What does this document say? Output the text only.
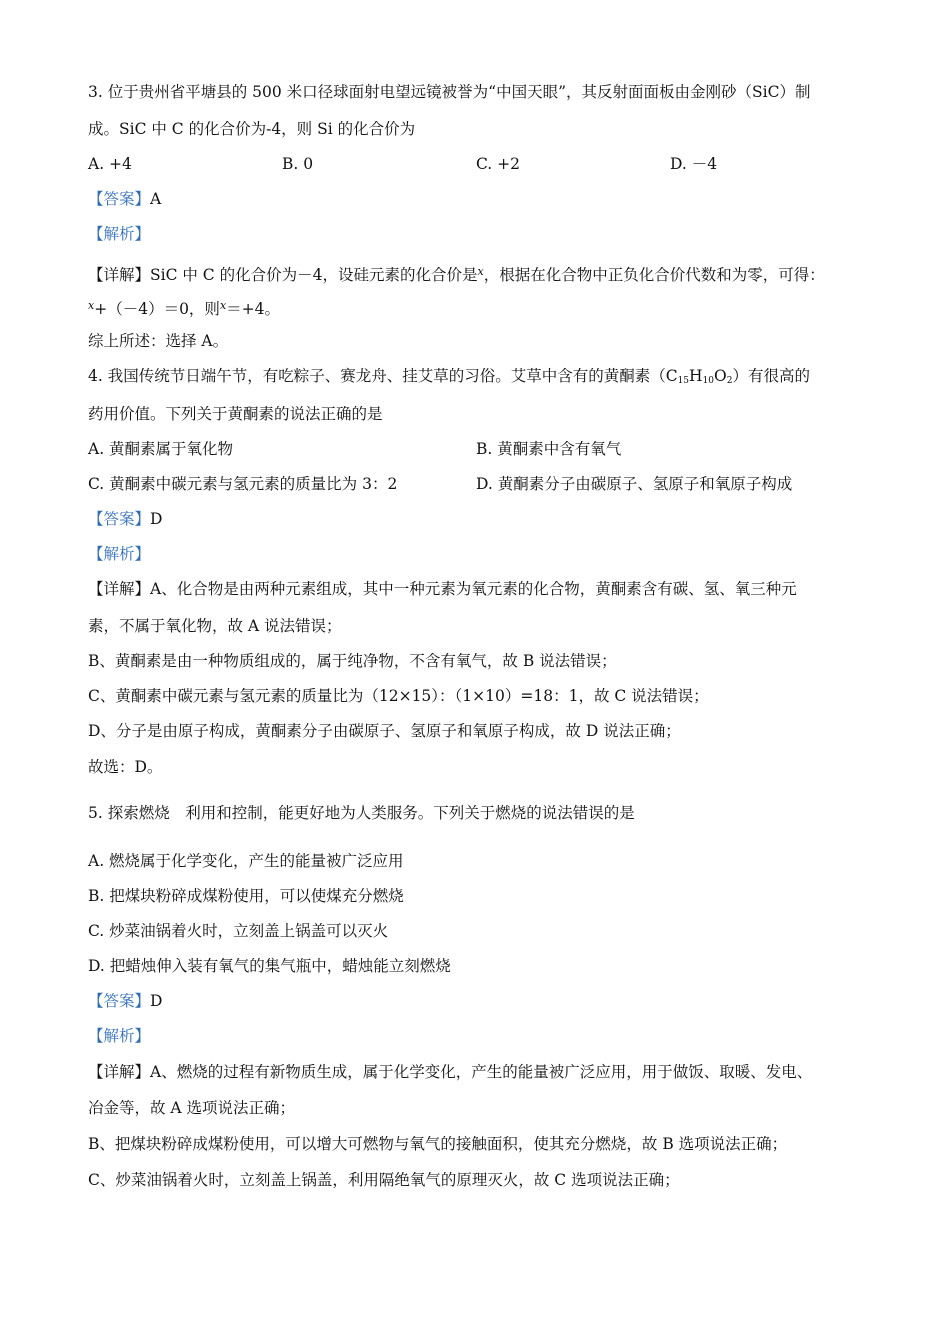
3. 位于贵州省平塘县的 500 米口径球面射电望远镜被誉为“中国天眼”，其反射面面板由金刚砂（SiC）制
成。SiC 中 C 的化合价为-4，则 Si 的化合价为
A. +4	B. 0	C. +2	D. －4
【答案】A
【解析】
【详解】SiC 中 C 的化合价为－4，设硅元素的化合价是$^x$，根据在化合物中正负化合价代数和为零，可得：
$^x$+（－4）＝0，则$^x$＝+4。
综上所述：选择 A。
4. 我国传统节日端午节，有吃粽子、赛龙舟、挂艾草的习俗。艾草中含有的黄酮素$(C_{15}H_{10}O_2)$有很高的
药用价值。下列关于黄酮素的说法正确的是
A. 黄酮素属于氧化物	B. 黄酮素中含有氧气
C. 黄酮素中碳元素与氢元素的质量比为 3：2	D. 黄酮素分子由碳原子、氢原子和氧原子构成
【答案】D
【解析】
【详解】A、化合物是由两种元素组成，其中一种元素为氧元素的化合物，黄酮素含有碳、氢、氧三种元
素，不属于氧化物，故 A 说法错误；
B、黄酮素是由一种物质组成的，属于纯净物，不含有氧气，故 B 说法错误；
C、黄酮素中碳元素与氢元素的质量比为（12×15）：（1×10）=18：1，故 C 说法错误；
D、分子是由原子构成，黄酮素分子由碳原子、氢原子和氧原子构成，故 D 说法正确；
故选：D。
5. 探索燃烧　利用和控制，能更好地为人类服务。下列关于燃烧的说法错误的是
A. 燃烧属于化学变化，产生的能量被广泛应用
B. 把煤块粉碎成煤粉使用，可以使煤充分燃烧
C. 炒菜油锅着火时，立刻盖上锅盖可以灭火
D. 把蜡烛伸入装有氧气的集气瓶中，蜡烛能立刻燃烧
【答案】D
【解析】
【详解】A、燃烧的过程有新物质生成，属于化学变化，产生的能量被广泛应用，用于做饭、取暖、发电、
冶金等，故 A 选项说法正确；
B、把煤块粉碎成煤粉使用，可以增大可燃物与氧气的接触面积，使其充分燃烧，故 B 选项说法正确；
C、炒菜油锅着火时，立刻盖上锅盖，利用隔绝氧气的原理灭火，故 C 选项说法正确；
